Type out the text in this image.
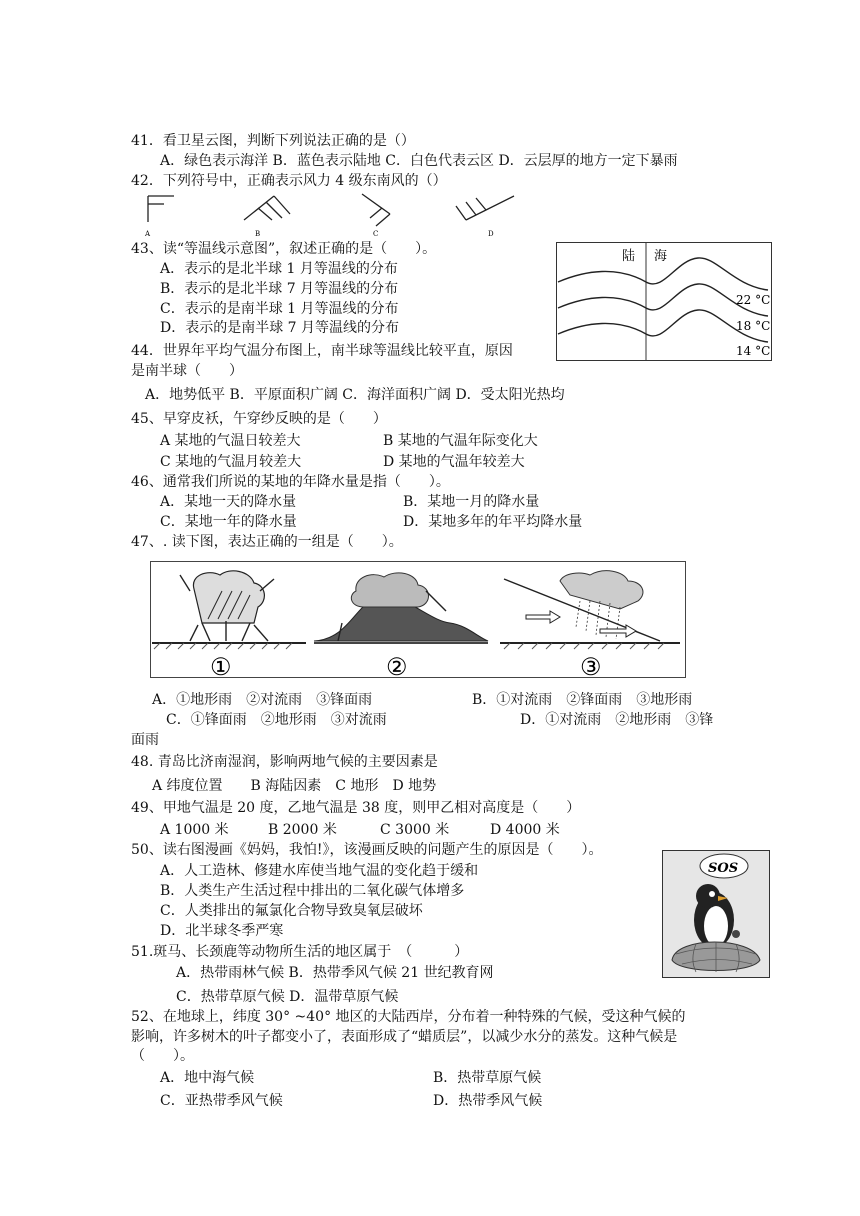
41．看卫星云图，判断下列说法正确的是（）
A．绿色表示海洋 B．蓝色表示陆地 C．白色代表云区 D．云层厚的地方一定下暴雨
42．下列符号中，正确表示风力 4 级东南风的（）
A	B	C	D
43、读“等温线示意图”，叙述正确的是（　　）。
A．表示的是北半球 1 月等温线的分布
B．表示的是北半球 7 月等温线的分布
C．表示的是南半球 1 月等温线的分布
D．表示的是南半球 7 月等温线的分布
陆 海
22 °C
18 °C
14 °C
44．世界年平均气温分布图上，南半球等温线比较平直，原因
是南半球（　　）
A．地势低平 B．平原面积广阔 C．海洋面积广阔 D．受太阳光热均
45、早穿皮袄，午穿纱反映的是（　　）
A 某地的气温日较差大	B 某地的气温年际变化大
C 某地的气温月较差大	D 某地的气温年较差大
46、通常我们所说的某地的年降水量是指（　　）。
A．某地一天的降水量	B．某地一月的降水量
C．某地一年的降水量	D．某地多年的年平均降水量
47、. 读下图，表达正确的一组是（　　）。
①	②	③
A．①地形雨　②对流雨　③锋面雨	B．①对流雨　②锋面雨　③地形雨
C．①锋面雨　②地形雨　③对流雨	D．①对流雨　②地形雨　③锋
面雨
48. 青岛比济南湿润，影响两地气候的主要因素是
A 纬度位置　　B 海陆因素　C 地形　D 地势
49、甲地气温是 20 度，乙地气温是 38 度，则甲乙相对高度是（　　）
A 1000 米	B 2000 米	C 3000 米	D 4000 米
50、读右图漫画《妈妈，我怕!》，该漫画反映的问题产生的原因是（　　）。
A．人工造林、修建水库使当地气温的变化趋于缓和
B．人类生产生活过程中排出的二氧化碳气体增多
C．人类排出的氟氯化合物导致臭氧层破坏
D．北半球冬季严寒
SOS
51.斑马、长颈鹿等动物所生活的地区属于　（　　　）
A．热带雨林气候 B．热带季风气候 21 世纪教育网
C．热带草原气候 D．温带草原气候
52、在地球上，纬度 30° ~40° 地区的大陆西岸，分布着一种特殊的气候，受这种气候的
影响，许多树木的叶子都变小了，表面形成了“蜡质层”，以减少水分的蒸发。这种气候是
（　　）。
A．地中海气候	B．热带草原气候
C．亚热带季风气候	D．热带季风气候
